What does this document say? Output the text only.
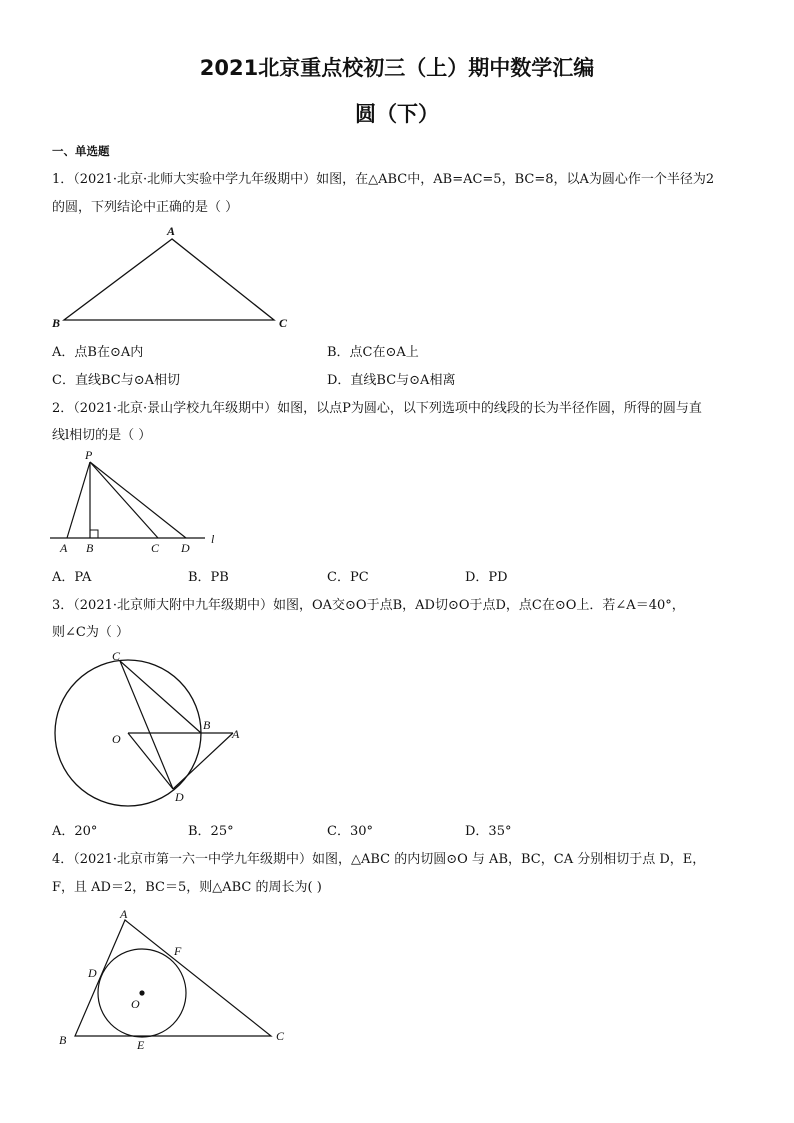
2021北京重点校初三（上）期中数学汇编
圆（下）
一、单选题
1．（2021·北京·北师大实验中学九年级期中）如图，在△ABC中，AB=AC=5，BC=8，以A为圆心作一个半径为2
的圆，下列结论中正确的是（ ）
A
B	C
P
A B	C D
l
C
B
O	A
D
A
F
D
O
B	E
C
A．点B在⊙A内	B．点C在⊙A上
C．直线BC与⊙A相切	D．直线BC与⊙A相离
2．（2021·北京·景山学校九年级期中）如图，以点P为圆心，以下列选项中的线段的长为半径作圆，所得的圆与直
线l相切的是（ ）
A．PA	B．PB	C．PC	D．PD
3．（2021·北京师大附中九年级期中）如图，OA交⊙O于点B，AD切⊙O于点D，点C在⊙O上．若∠A＝40°，
则∠C为（ ）
A．20°	B．25°	C．30°	D．35°
4．（2021·北京市第一六一中学九年级期中）如图，△ABC 的内切圆⊙O 与 AB，BC，CA 分别相切于点 D，E，
F，且 AD＝2，BC＝5，则△ABC 的周长为( )
